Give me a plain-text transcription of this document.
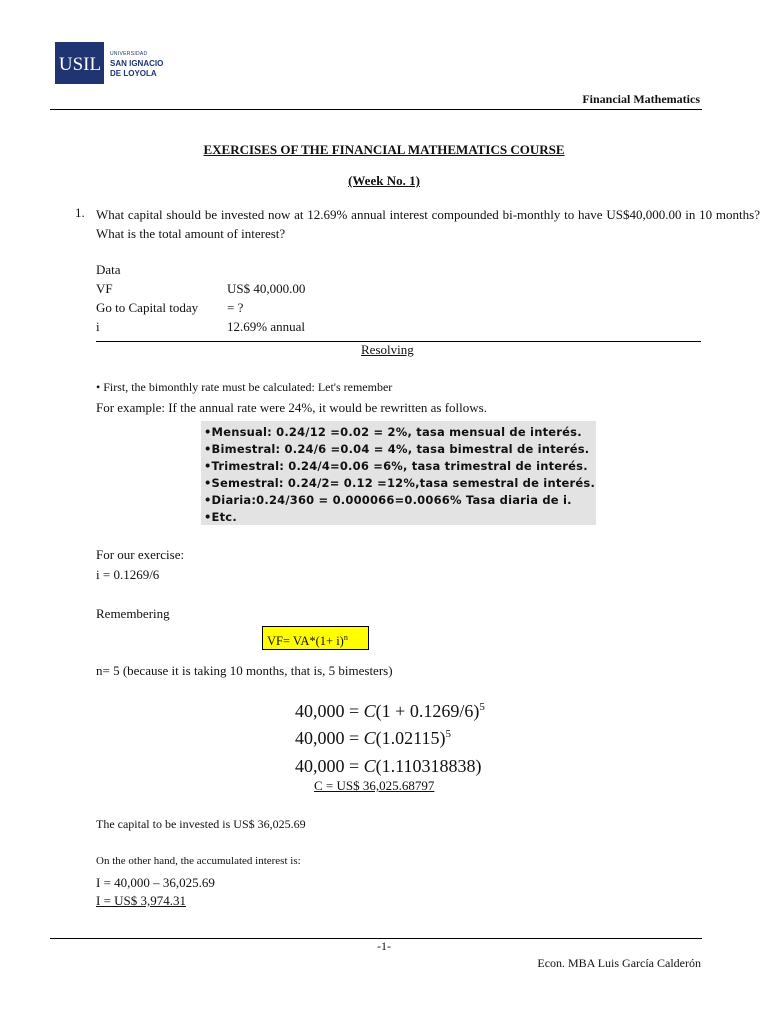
USIL UNIVERSIDAD
SAN IGNACIO
DE LOYOLA
Financial Mathematics
EXERCISES OF THE FINANCIAL MATHEMATICS COURSE
(Week No. 1)
1. What capital should be invested now at 12.69% annual interest compounded bi-monthly to have US$40,000.00 in 10 months? What is the total amount of interest?
Data
VF	US$ 40,000.00
Go to Capital today = ?
i	12.69% annual
Resolving
• First, the bimonthly rate must be calculated: Let's remember
For example: If the annual rate were 24%, it would be rewritten as follows.
•Mensual: 0.24/12 =0.02 = 2%, tasa mensual de interés.
•Bimestral: 0.24/6 =0.04 = 4%, tasa bimestral de interés.
•Trimestral: 0.24/4=0.06 =6%, tasa trimestral de interés.
•Semestral: 0.24/2= 0.12 =12%,tasa semestral de interés.
•Diaria:0.24/360 = 0.000066=0.0066% Tasa diaria de i.
•Etc.
For our exercise:
i = 0.1269/6
Remembering
$VF= VA*(1+ i)^n$
n= 5 (because it is taking 10 months, that is, 5 bimesters)
$40,000 = C(1 + 0.1269/6)^5$
$40,000 = C(1.02115)^5$
40,000 = C(1.110318838)
C = US$ 36,025.68797
The capital to be invested is US$ 36,025.69
On the other hand, the accumulated interest is:
I = 40,000 – 36,025.69
I = US$ 3,974.31
-1-
Econ. MBA Luis García Calderón
